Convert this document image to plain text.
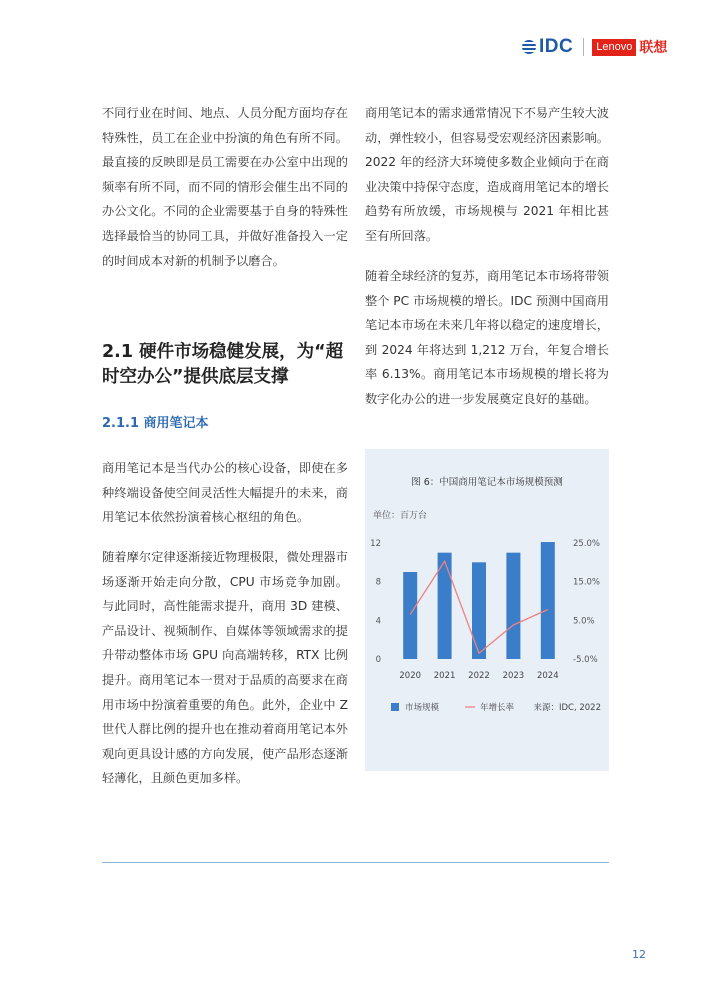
IDC	Lenovo 联想

不同行业在时间、地点、人员分配方面均存在特殊性，员工在企业中扮演的角色有所不同。最直接的反映即是员工需要在办公室中出现的频率有所不同，而不同的情形会催生出不同的办公文化。不同的企业需要基于自身的特殊性选择最恰当的协同工具，并做好准备投入一定的时间成本对新的机制予以磨合。

2.1 硬件市场稳健发展，为“超时空办公”提供底层支撑
2.1.1 商用笔记本

商用笔记本是当代办公的核心设备，即使在多种终端设备使空间灵活性大幅提升的未来，商用笔记本依然扮演着核心枢纽的角色。

随着摩尔定律逐渐接近物理极限，微处理器市场逐渐开始走向分散，CPU 市场竞争加剧。与此同时，高性能需求提升，商用 3D 建模、产品设计、视频制作、自媒体等领域需求的提升带动整体市场 GPU 向高端转移，RTX 比例提升。商用笔记本一贯对于品质的高要求在商用市场中扮演着重要的角色。此外，企业中 Z 世代人群比例的提升也在推动着商用笔记本外观向更具设计感的方向发展，使产品形态逐渐轻薄化，且颜色更加多样。

商用笔记本的需求通常情况下不易产生较大波动，弹性较小，但容易受宏观经济因素影响。2022 年的经济大环境使多数企业倾向于在商业决策中持保守态度，造成商用笔记本的增长趋势有所放缓，市场规模与 2021 年相比甚至有所回落。

随着全球经济的复苏，商用笔记本市场将带领整个 PC 市场规模的增长。IDC 预测中国商用笔记本市场在未来几年将以稳定的速度增长，到 2024 年将达到 1,212 万台，年复合增长率 6.13%。商用笔记本市场规模的增长将为数字化办公的进一步发展奠定良好的基础。

图 6：中国商用笔记本市场规模预测
单位：百万台
0
4
8
12
-5.0%
5.0%
15.0%
25.0%
2020 2021 2022 2023 2024
市场规模	年增长率 来源：IDC, 2022
12
